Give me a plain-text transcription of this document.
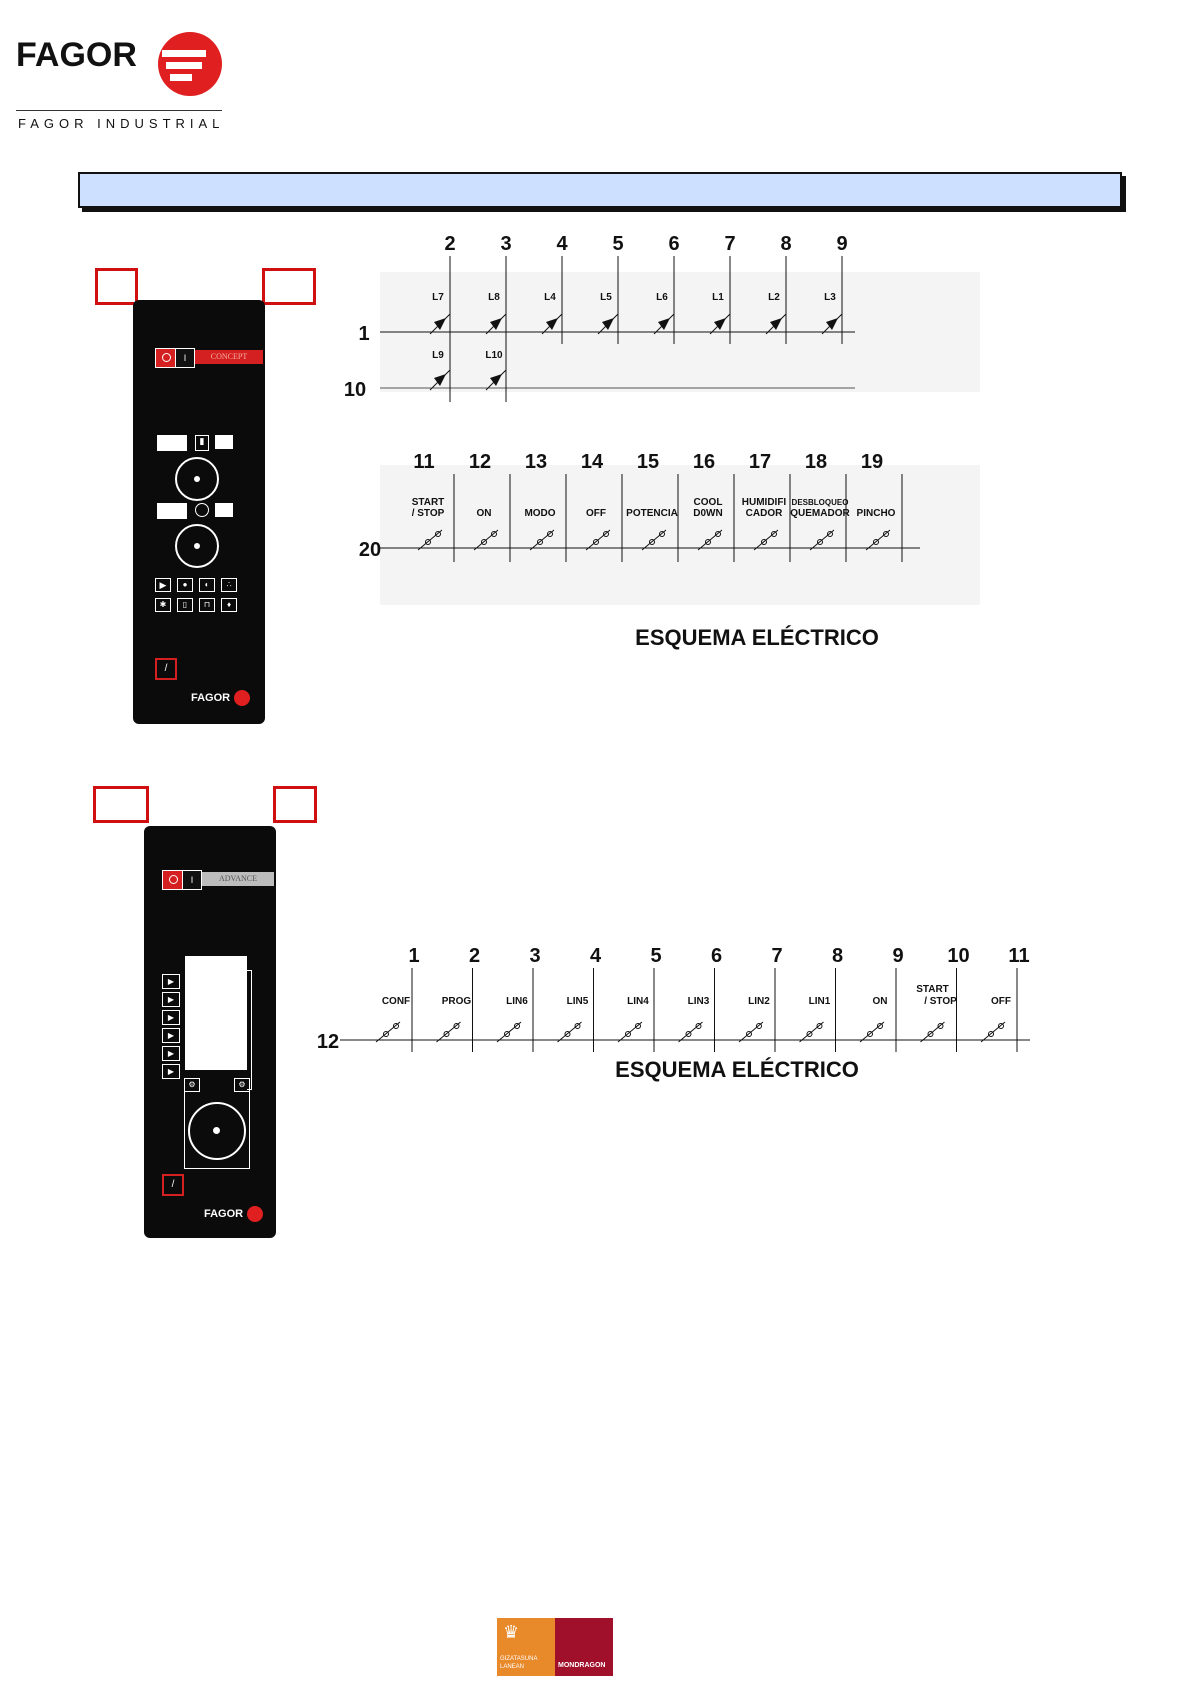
FAGOR
FAGOR INDUSTRIAL
I	CONCEPT
▮
▶	●	◐	∴
✱	▯	⊓	♦
/
FAGOR
1
10
2
L7
L9
3
L8
L10
4
L4
5
L5
6
L6
7
L1
8
L2
9
L3
20
11
START
/ STOP
12
ON
13
MODO
14
OFF
15
POTENCIA
16
COOL
D0WN
17
HUMIDIFI
CADOR
18
DESBLOQUEO
QUEMADOR
19
PINCHO
ESQUEMA ELÉCTRICO
I	ADVANCE
▶
▶
▶
▶
▶
▶
⚙	⚙
/
FAGOR
12
1
CONF
2
PROG
3
LIN6
4
LIN5
5
LIN4
6
LIN3
7
LIN2
8
LIN1
9
ON
10
START
/ STOP
11
OFF
ESQUEMA ELÉCTRICO
♛
GIZATASUNA
LANEAN	MONDRAGON
